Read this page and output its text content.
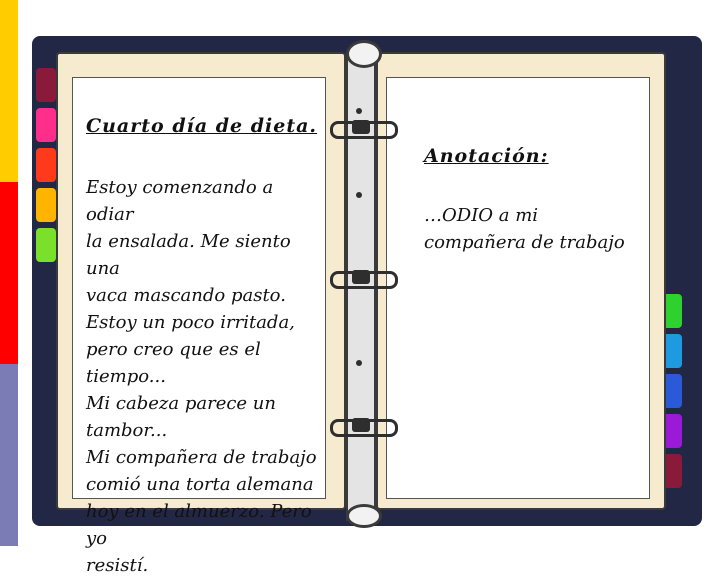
Cuarto día de dieta.
Estoy comenzando a odiar
la ensalada. Me siento una
vaca mascando pasto.
Estoy un poco irritada,
pero creo que es el tiempo...
Mi cabeza parece un
tambor...
Mi compañera de trabajo
comió una torta alemana
hoy en el almuerzo. Pero yo
resistí.
Anotación:
…ODIO a mi
compañera de trabajo
